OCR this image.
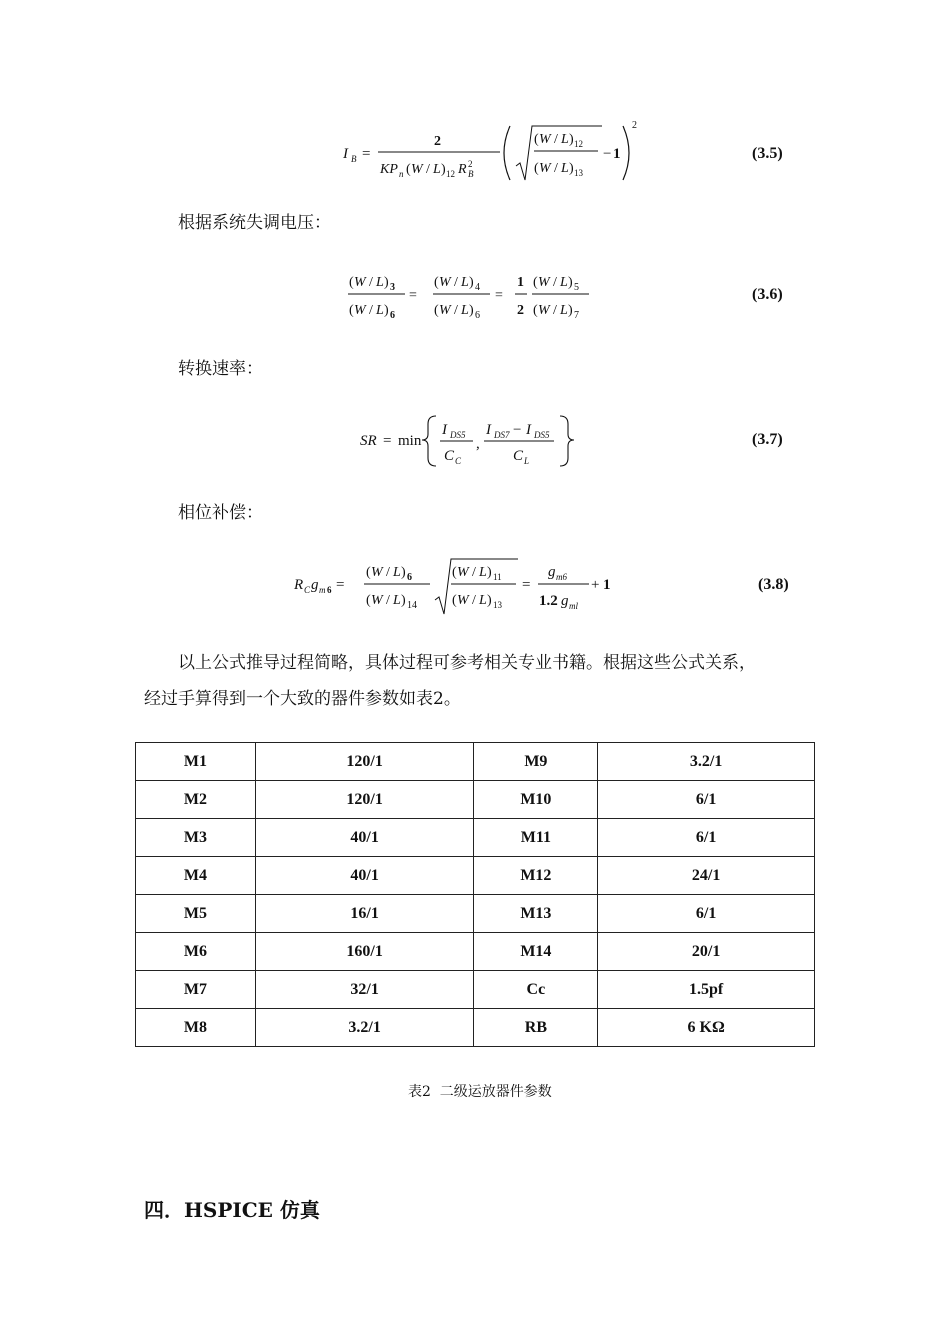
I B =
2
KP n ( W / L ) 12 R B
2
( W / L ) 12
( W / L ) 13
− 1
2
(3.5)
根据系统失调电压：
( W / L ) 3
( W / L ) 6
=
( W / L ) 4
( W / L ) 6
=
1
2
( W / L ) 5
( W / L ) 7
(3.6)
转换速率：
SR = min
I DS5
C C
,
I DS7 − I DS5
C L
(3.7)
相位补偿：
R C g m 6 =
( W / L ) 6
( W / L ) 14
( W / L ) 11
( W / L ) 13
=
g m6
1.2 g ml
+ 1	(3.8)
以上公式推导过程简略，具体过程可参考相关专业书籍。根据这些公式关系，
经过手算得到一个大致的器件参数如表2。
M1	120/1	M9	3.2/1
M2	120/1	M10	6/1
M3	40/1	M11	6/1
M4	40/1	M12	24/1
M5	16/1	M13	6/1
M6	160/1	M14	20/1
M7	32/1	Cc	1.5pf
M8	3.2/1	RB	6 KΩ
表2  二级运放器件参数
四．HSPICE 仿真
